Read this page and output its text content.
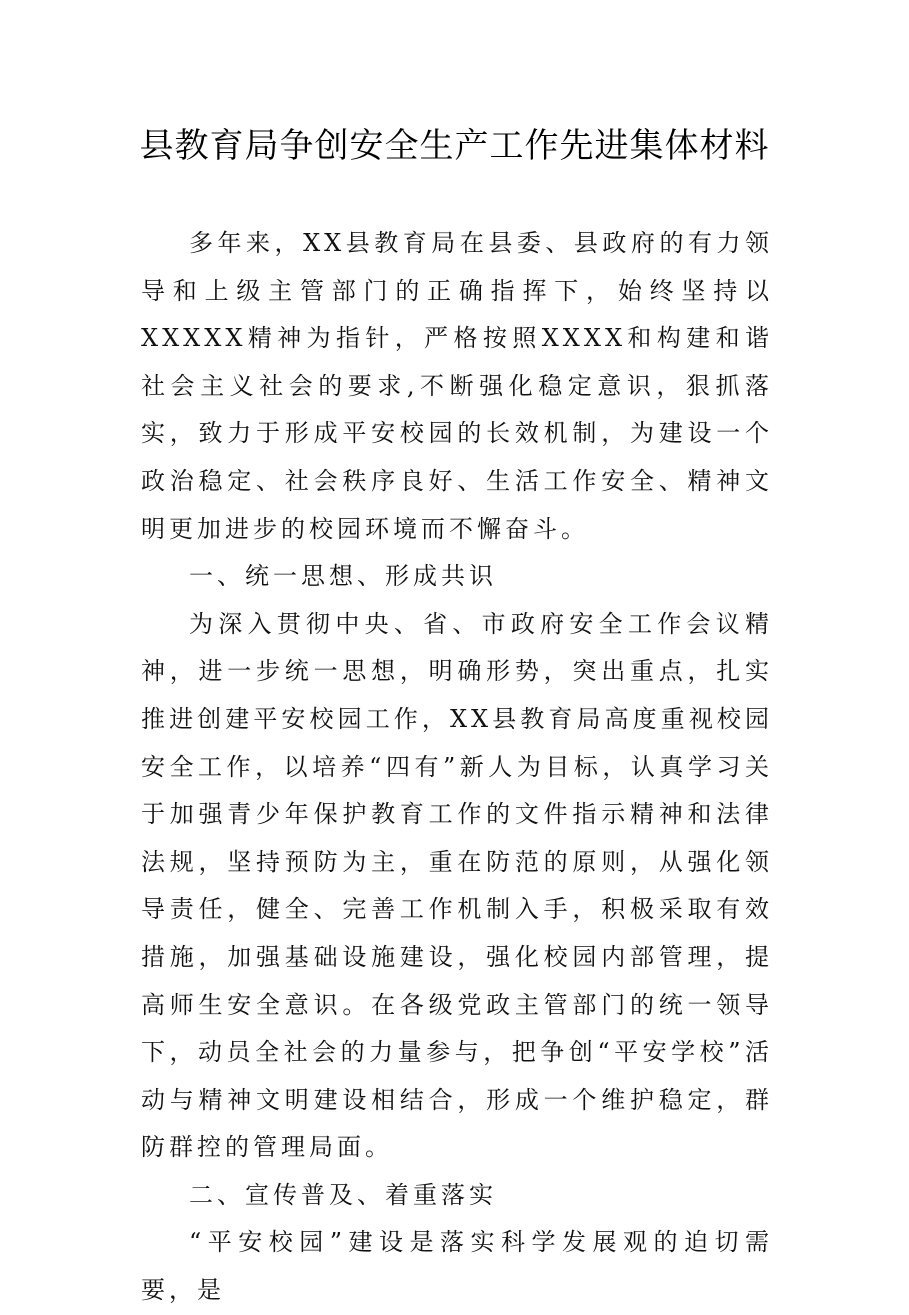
县教育局争创安全生产工作先进集体材料

多年来，XX县教育局在县委、县政府的有力领导和上级主管部门的正确指挥下，始终坚持以XXXXX精神为指针，严格按照XXXX和构建和谐社会主义社会的要求,不断强化稳定意识，狠抓落实，致力于形成平安校园的长效机制，为建设一个政治稳定、社会秩序良好、生活工作安全、精神文明更加进步的校园环境而不懈奋斗。

一、统一思想、形成共识

为深入贯彻中央、省、市政府安全工作会议精神，进一步统一思想，明确形势，突出重点，扎实推进创建平安校园工作，XX县教育局高度重视校园安全工作，以培养“四有”新人为目标，认真学习关于加强青少年保护教育工作的文件指示精神和法律法规，坚持预防为主，重在防范的原则，从强化领导责任，健全、完善工作机制入手，积极采取有效措施，加强基础设施建设，强化校园内部管理，提高师生安全意识。在各级党政主管部门的统一领导下，动员全社会的力量参与，把争创“平安学校”活动与精神文明建设相结合，形成一个维护稳定，群防群控的管理局面。

二、宣传普及、着重落实

“平安校园”建设是落实科学发展观的迫切需要，是
